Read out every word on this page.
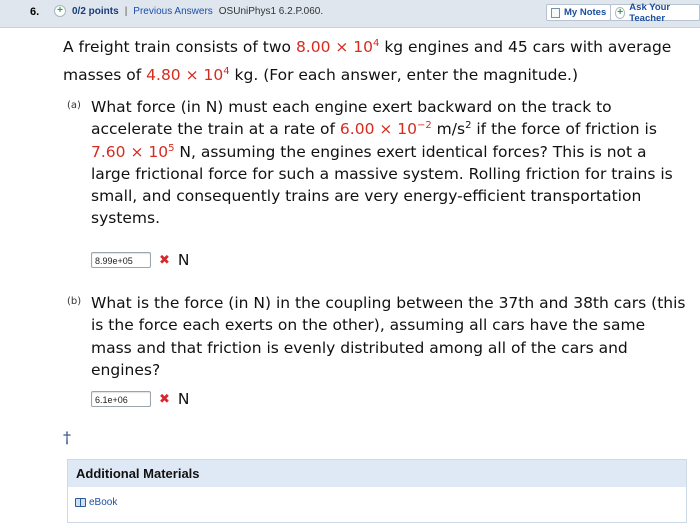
6.	+ 0/2 points | Previous Answers OSUniPhys1 6.2.P.060.	My Notes + Ask Your Teacher
A freight train consists of two $8.00 \times 10^4$ kg engines and 45 cars with average masses of $4.80 \times 10^4$ kg. (For each answer, enter the magnitude.)
(a) What force (in N) must each engine exert backward on the track to accelerate the train at a rate of $6.00 \times 10^{-2}$ $m/s^2$ if the force of friction is $7.60 \times 10^5$ N, assuming the engines exert identical forces? This is not a large frictional force for such a massive system. Rolling friction for trains is small, and consequently trains are very energy-efficient transportation systems.
8.99e+05	✖ N
(b) What is the force (in N) in the coupling between the 37th and 38th cars (this is the force each exerts on the other), assuming all cars have the same mass and that friction is evenly distributed among all of the cars and engines?
6.1e+06	✖ N
†
Additional Materials
eBook
